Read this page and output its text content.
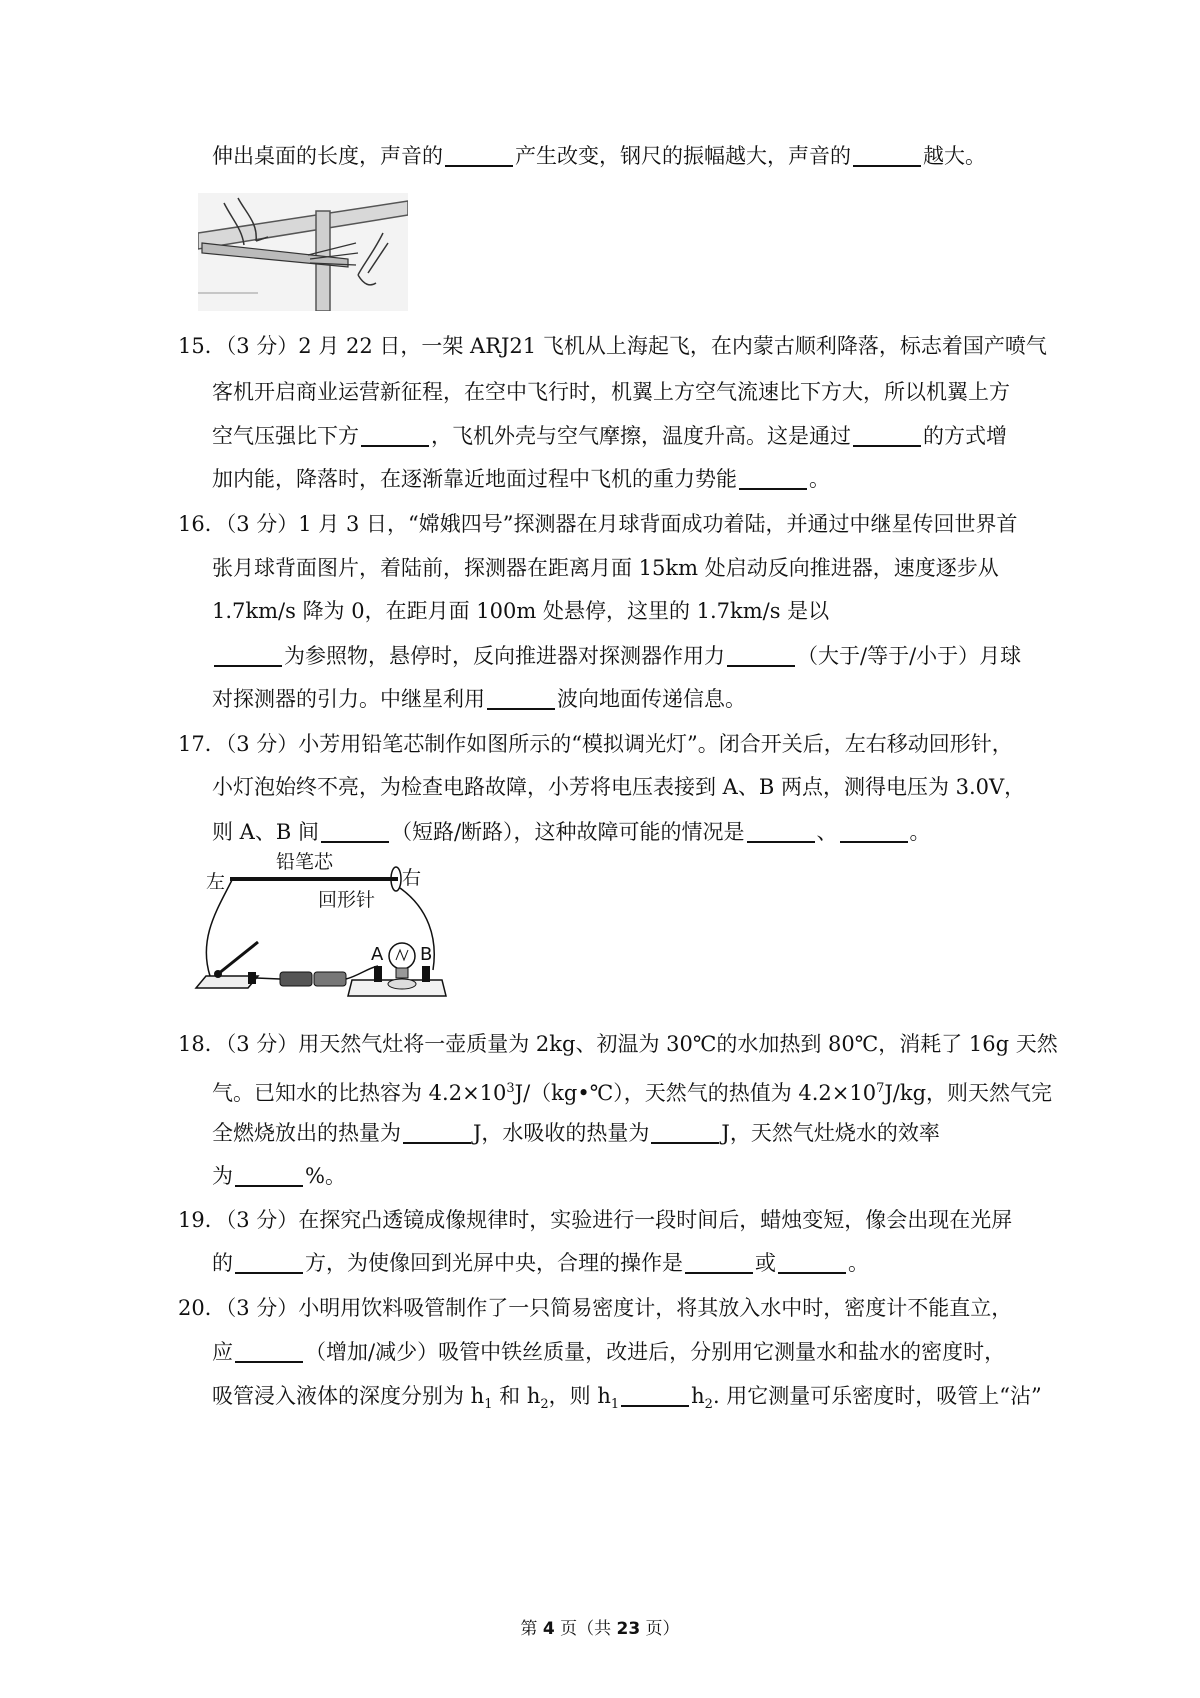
伸出桌面的长度，声音的	产生改变，钢尺的振幅越大，声音的	越大。
15．（3 分）2 月 22 日，一架 ARJ21 飞机从上海起飞，在内蒙古顺利降落，标志着国产喷气
客机开启商业运营新征程，在空中飞行时，机翼上方空气流速比下方大，所以机翼上方
空气压强比下方	，飞机外壳与空气摩擦，温度升高。这是通过	的方式增
加内能，降落时，在逐渐靠近地面过程中飞机的重力势能	。
16．（3 分）1 月 3 日，“嫦娥四号”探测器在月球背面成功着陆，并通过中继星传回世界首
张月球背面图片，着陆前，探测器在距离月面 15km 处启动反向推进器，速度逐步从
1.7km/s 降为 0，在距月面 100m 处悬停，这里的 1.7km/s 是以
为参照物，悬停时，反向推进器对探测器作用力	（大于/等于/小于）月球
对探测器的引力。中继星利用	波向地面传递信息。
17．（3 分）小芳用铅笔芯制作如图所示的“模拟调光灯”。闭合开关后，左右移动回形针，
小灯泡始终不亮，为检查电路故障，小芳将电压表接到 A、B 两点，测得电压为 3.0V，
则 A、B 间	（短路/断路），这种故障可能的情况是	、	。
左
铅笔芯
右
回形针
A B
18．（3 分）用天然气灶将一壶质量为 2kg、初温为 30℃的水加热到 80℃，消耗了 16g 天然
气。已知水的比热容为 $4.2\times 10^3J/(kg•℃)$，天然气的热值为 $4.2\times 10^7J/kg$，则天然气完
全燃烧放出的热量为	J，水吸收的热量为	J，天然气灶烧水的效率
为	%。
19．（3 分）在探究凸透镜成像规律时，实验进行一段时间后，蜡烛变短，像会出现在光屏
的	方，为使像回到光屏中央，合理的操作是	或	。
20．（3 分）小明用饮料吸管制作了一只简易密度计，将其放入水中时，密度计不能直立，
应	（增加/减少）吸管中铁丝质量，改进后，分别用它测量水和盐水的密度时，
吸管浸入液体的深度分别为 $h_1$ 和 $h_2$，则 $h_1$	$h_2$. 用它测量可乐密度时，吸管上“沾”
第 4 页（共 23 页）
